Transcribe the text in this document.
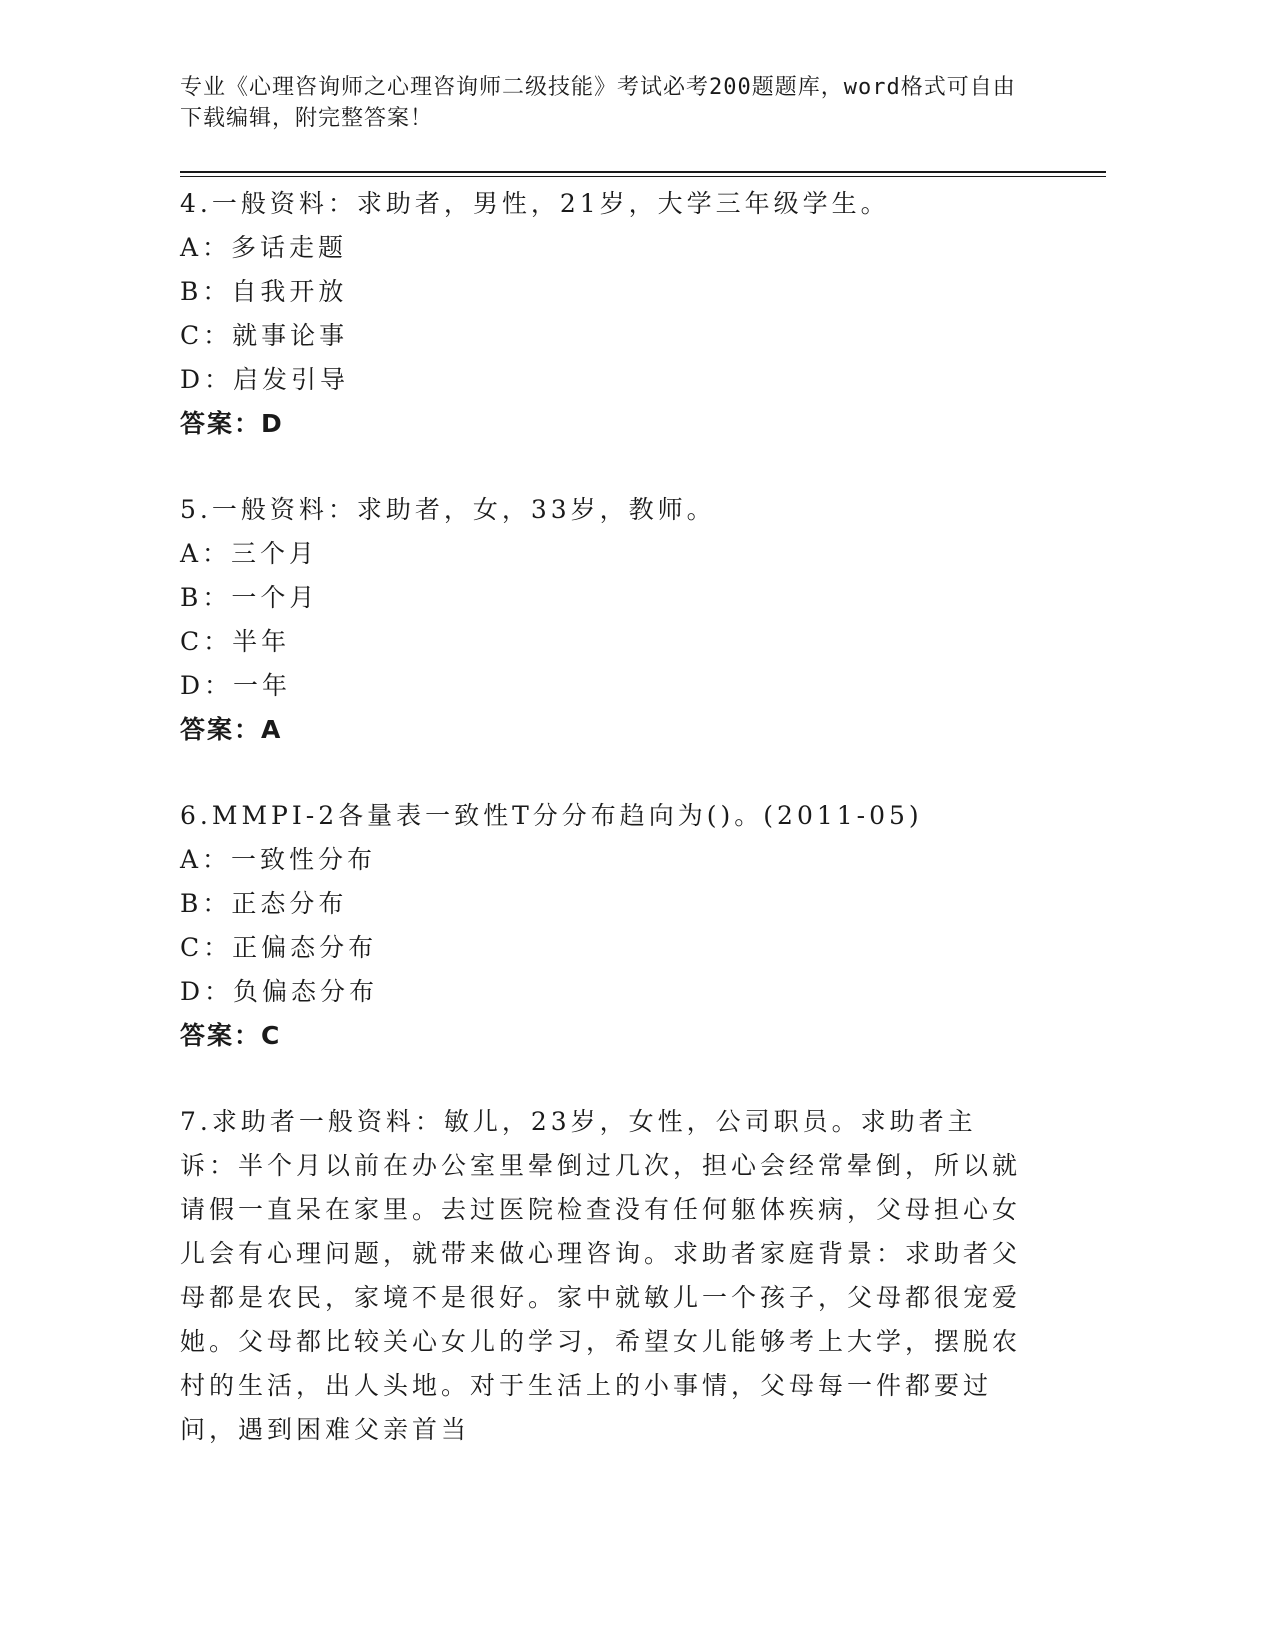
专业《心理咨询师之心理咨询师二级技能》考试必考200题题库，word格式可自由下载编辑，附完整答案！

4.一般资料：求助者，男性，21岁，大学三年级学生。

A：多话走题

B：自我开放

C：就事论事

D：启发引导

答案：D

5.一般资料：求助者，女，33岁，教师。

A：三个月

B：一个月

C：半年

D：一年

答案：A

6.MMPI-2各量表一致性T分分布趋向为()。(2011-05)

A：一致性分布

B：正态分布

C：正偏态分布

D：负偏态分布

答案：C

7.求助者一般资料：敏儿，23岁，女性，公司职员。求助者主诉：半个月以前在办公室里晕倒过几次，担心会经常晕倒，所以就请假一直呆在家里。去过医院检查没有任何躯体疾病，父母担心女儿会有心理问题，就带来做心理咨询。求助者家庭背景：求助者父母都是农民，家境不是很好。家中就敏儿一个孩子，父母都很宠爱她。父母都比较关心女儿的学习，希望女儿能够考上大学，摆脱农村的生活，出人头地。对于生活上的小事情，父母每一件都要过问，遇到困难父亲首当
